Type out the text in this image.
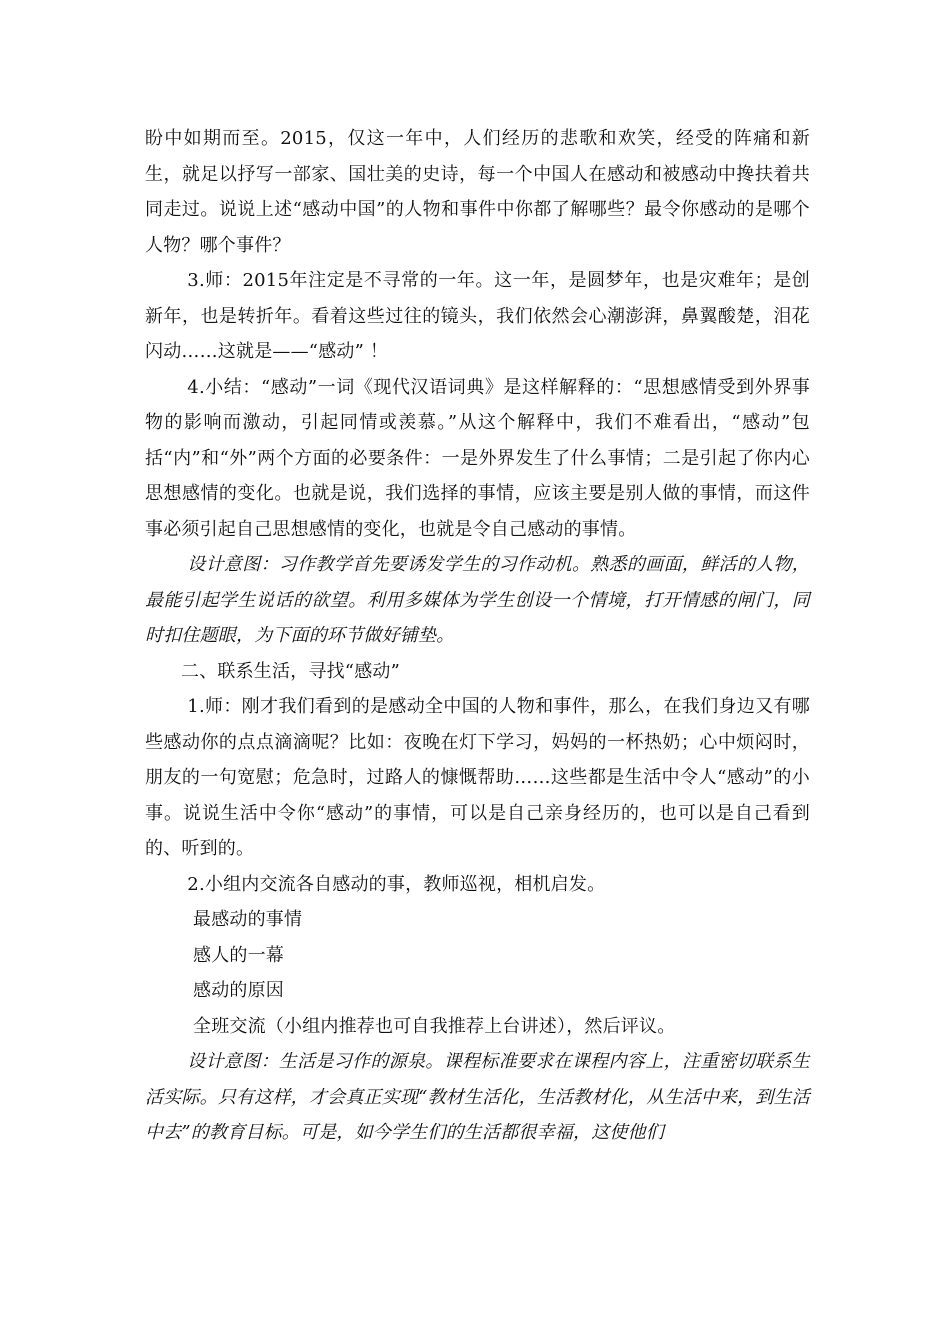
盼中如期而至。2015，仅这一年中，人们经历的悲歌和欢笑，经受的阵痛和新生，就足以抒写一部家、国壮美的史诗，每一个中国人在感动和被感动中搀扶着共同走过。说说上述“感动中国”的人物和事件中你都了解哪些？最令你感动的是哪个人物？哪个事件？

3.师：2015年注定是不寻常的一年。这一年，是圆梦年，也是灾难年；是创新年，也是转折年。看着这些过往的镜头，我们依然会心潮澎湃，鼻翼酸楚，泪花闪动……这就是——“感动” ！

4.小结：“感动”一词《现代汉语词典》是这样解释的：“思想感情受到外界事物的影响而激动，引起同情或羡慕。”从这个解释中，我们不难看出，“感动”包括“内”和“外”两个方面的必要条件：一是外界发生了什么事情；二是引起了你内心思想感情的变化。也就是说，我们选择的事情，应该主要是别人做的事情，而这件事必须引起自己思想感情的变化，也就是令自己感动的事情。

设计意图：习作教学首先要诱发学生的习作动机。熟悉的画面，鲜活的人物，最能引起学生说话的欲望。利用多媒体为学生创设一个情境，打开情感的闸门，同时扣住题眼，为下面的环节做好铺垫。

二、联系生活，寻找“感动”

1.师：刚才我们看到的是感动全中国的人物和事件，那么，在我们身边又有哪些感动你的点点滴滴呢？比如：夜晚在灯下学习，妈妈的一杯热奶；心中烦闷时，朋友的一句宽慰；危急时，过路人的慷慨帮助……这些都是生活中令人“感动”的小事。说说生活中令你“感动”的事情，可以是自己亲身经历的，也可以是自己看到的、听到的。

2.小组内交流各自感动的事，教师巡视，相机启发。

最感动的事情

感人的一幕

感动的原因

全班交流（小组内推荐也可自我推荐上台讲述），然后评议。

设计意图：生活是习作的源泉。课程标准要求在课程内容上，注重密切联系生活实际。只有这样，才会真正实现“教材生活化，生活教材化，从生活中来，到生活中去”的教育目标。可是，如今学生们的生活都很幸福，这使他们
